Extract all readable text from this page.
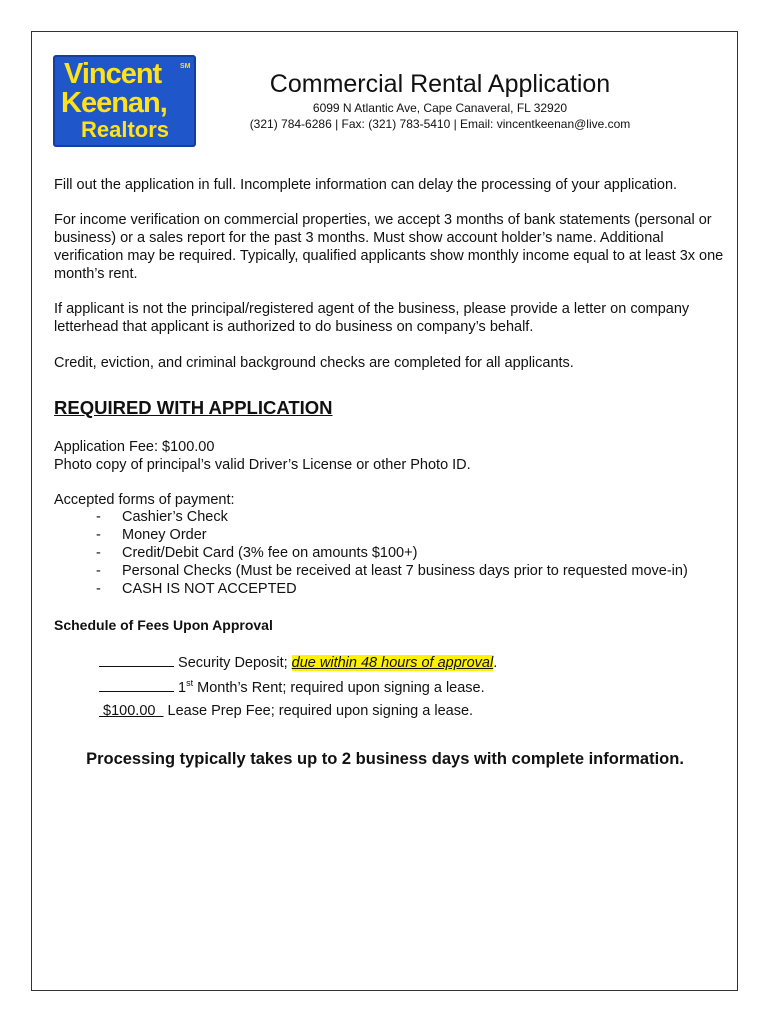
Vincent
Keenan,
Realtors
SM
Commercial Rental Application
6099 N Atlantic Ave, Cape Canaveral, FL 32920
(321) 784-6286 | Fax: (321) 783-5410 | Email: vincentkeenan@live.com

Fill out the application in full. Incomplete information can delay the processing of your application.

For income verification on commercial properties, we accept 3 months of bank statements (personal or business) or a sales report for the past 3 months. Must show account holder’s name. Additional verification may be required. Typically, qualified applicants show monthly income equal to at least 3x one month’s rent.

If applicant is not the principal/registered agent of the business, please provide a letter on company letterhead that applicant is authorized to do business on company’s behalf.

Credit, eviction, and criminal background checks are completed for all applicants.

REQUIRED WITH APPLICATION
Application Fee: $100.00
Photo copy of principal’s valid Driver’s License or other Photo ID.
Accepted forms of payment:
-	Cashier’s Check
-	Money Order
-	Credit/Debit Card (3% fee on amounts $100+)
-	Personal Checks (Must be received at least 7 business days prior to requested move-in)
-	CASH IS NOT ACCEPTED
Schedule of Fees Upon Approval
Security Deposit; due within 48 hours of approval.
1st Month’s Rent; required upon signing a lease.
$100.00 Lease Prep Fee; required upon signing a lease.
Processing typically takes up to 2 business days with complete information.
